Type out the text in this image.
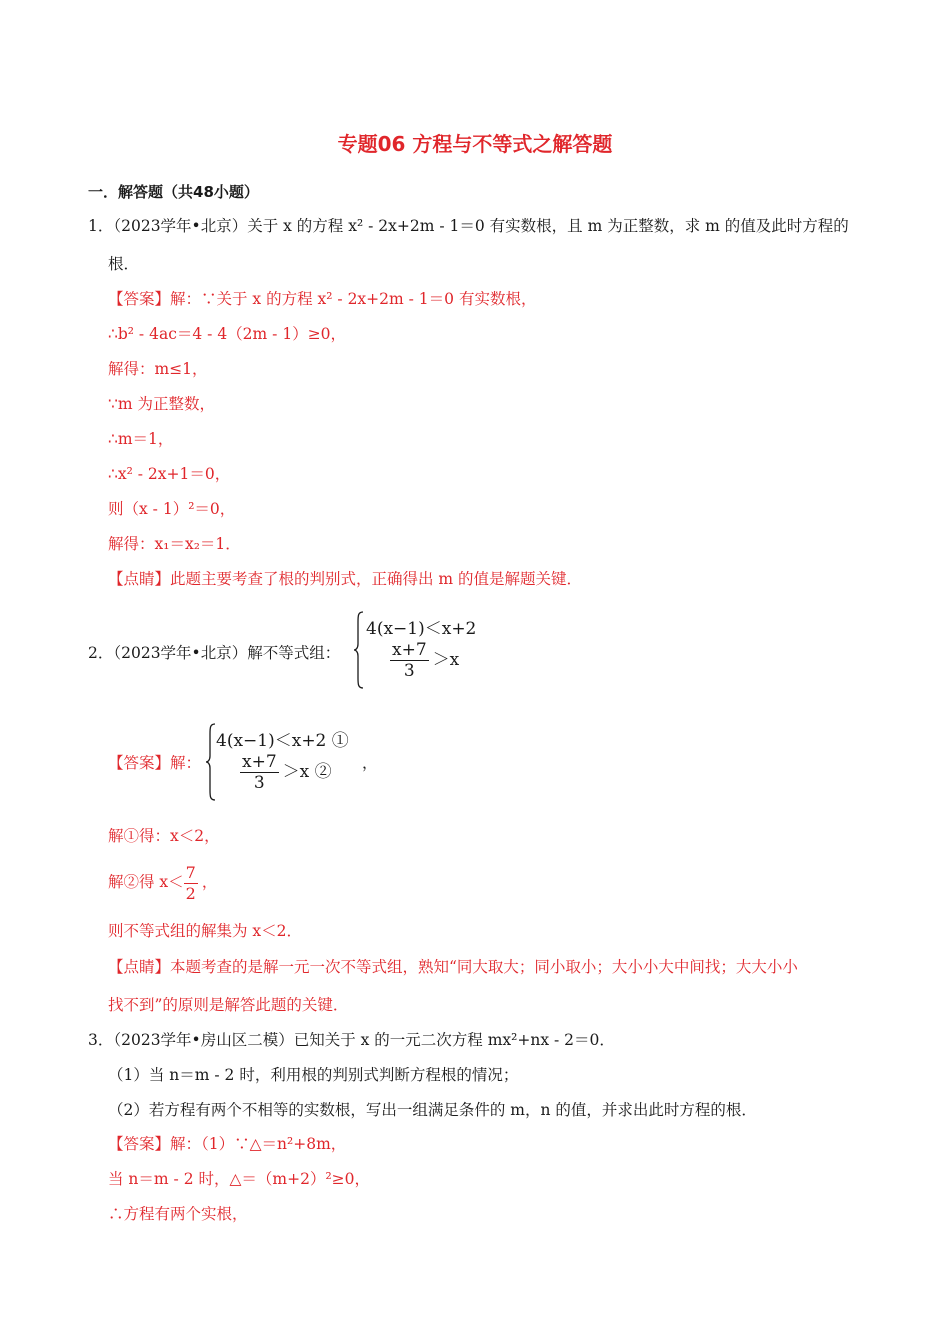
专题06 方程与不等式之解答题
一．解答题（共48小题）
1．（2023学年•北京）关于 x 的方程 x² ‑ 2x+2m ‑ 1＝0 有实数根，且 m 为正整数，求 m 的值及此时方程的
根．
【答案】解：∵关于 x 的方程 x² ‑ 2x+2m ‑ 1＝0 有实数根，
∴b² ‑ 4ac＝4 ‑ 4（2m ‑ 1）≥0，
解得：m≤1，
∵m 为正整数，
∴m＝1，
∴x² ‑ 2x+1＝0，
则（x ‑ 1）²＝0，
解得：x₁＝x₂＝1．
【点睛】此题主要考查了根的判别式，正确得出 m 的值是解题关键．
2．（2023学年•北京）解不等式组：
4(x−1)＜x+2
$\frac{x+7}{3} >x$
【答案】解：
4(x−1)＜x+2 ①
$\frac{x+7}{3} >x$ ② ，
解①得：x＜2，
解②得 $x< \frac{7}{2}$ ，
则不等式组的解集为 x＜2．
【点睛】本题考查的是解一元一次不等式组，熟知“同大取大；同小取小；大小小大中间找；大大小小
找不到”的原则是解答此题的关键．
3．（2023学年•房山区二模）已知关于 x 的一元二次方程 mx²+nx ‑ 2＝0．
（1）当 n＝m ‑ 2 时，利用根的判别式判断方程根的情况；
（2）若方程有两个不相等的实数根，写出一组满足条件的 m，n 的值，并求出此时方程的根．
【答案】解：（1）∵△＝n²+8m，
当 n＝m ‑ 2 时，△＝（m+2）²≥0，
∴方程有两个实根，
